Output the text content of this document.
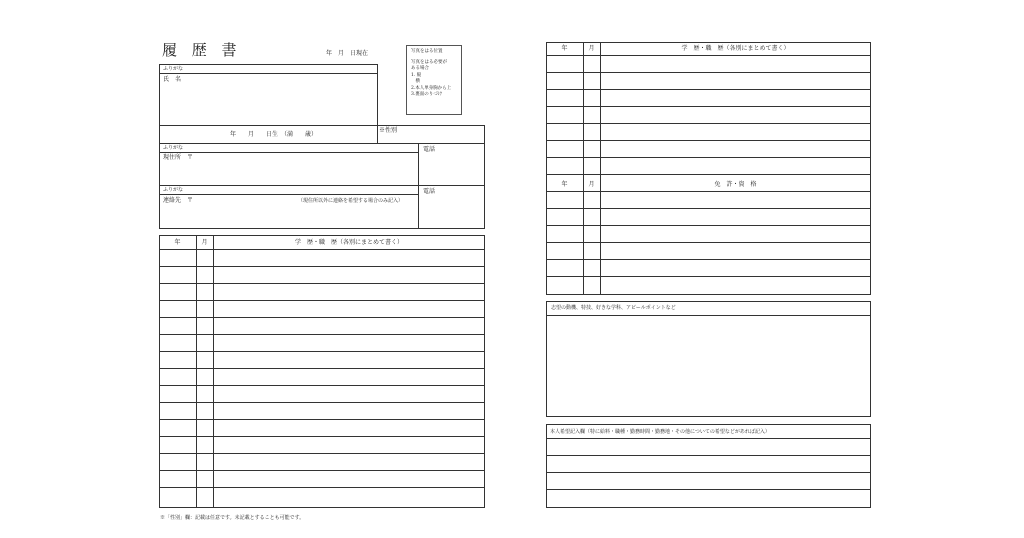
履 歴 書	年　月　日現在	写真をはる位置
写真をはる必要が
ある場合
1. 縦
　横
2.本人単身胸から上
3.裏面のりづけ
ふりがな
氏　名
年　　月　　日生　（満　　歳）
※性別
ふりがな
現住所　〒
電話
ふりがな
連絡先　〒	（現住所以外に連絡を希望する場合のみ記入）
電話
年	月	学　歴・職　歴（各別にまとめて書く）
※「性別」欄：記載は任意です。未記載とすることも可能です。
年	月	学　歴・職　歴（各別にまとめて書く）
年	月	免　許・資　格
志望の動機、特技、好きな学科、アピールポイントなど
本人希望記入欄（特に給料・職種・勤務時間・勤務地・その他についての希望などがあれば記入）
